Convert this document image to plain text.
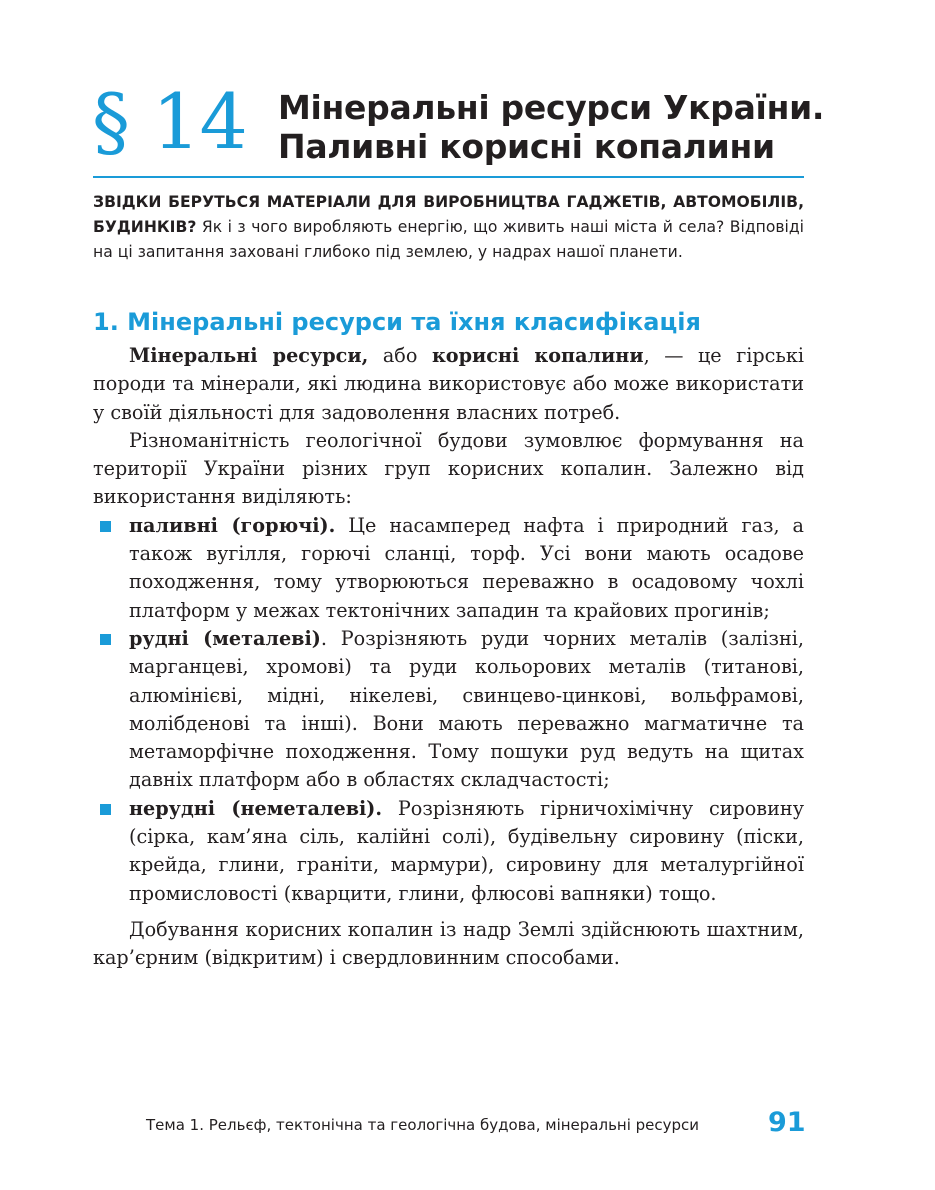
§ 14 Мінеральні ресурси України.
Паливні корисні копалини
ЗВІДКИ БЕРУТЬСЯ МАТЕРІАЛИ ДЛЯ ВИРОБНИЦТВА ГАДЖЕТІВ, АВТОМОБІЛІВ, БУДИНКІВ? Як і з чого виробляють енергію, що живить наші міста й села? Відповіді на ці запитання заховані глибоко під землею, у надрах нашої планети.
1. Мінеральні ресурси та їхня класифікація

Мінеральні ресурси, або корисні копалини, — це гірські породи та мінерали, які людина використовує або може використати у своїй діяльності для задоволення власних потреб.

Різноманітність геологічної будови зумовлює формування на території України різних груп корисних копалин. Залежно від використання виділяють:

паливні (горючі). Це насамперед нафта і природний газ, а також вугілля, горючі сланці, торф. Усі вони мають осадове походження, тому утворюються переважно в осадовому чохлі платформ у межах тектонічних западин та крайових прогинів;
рудні (металеві). Розрізняють руди чорних металів (залізні, марганцеві, хромові) та руди кольорових металів (титанові, алюмінієві, мідні, нікелеві, свинцево-цинкові, вольфрамові, молібденові та інші). Вони мають переважно магматичне та метаморфічне походження. Тому пошуки руд ведуть на щитах давніх платформ або в областях складчастості;
нерудні (неметалеві). Розрізняють гірничохімічну сировину (сірка, кам’яна сіль, калійні солі), будівельну сировину (піски, крейда, глини, граніти, мармури), сировину для металургійної промисловості (кварцити, глини, флюсові вапняки) тощо.

Добування корисних копалин із надр Землі здійснюють шахтним, кар’єрним (відкритим) і свердловинним способами.

Тема 1. Рельєф, тектонічна та геологічна будова, мінеральні ресурси	91
